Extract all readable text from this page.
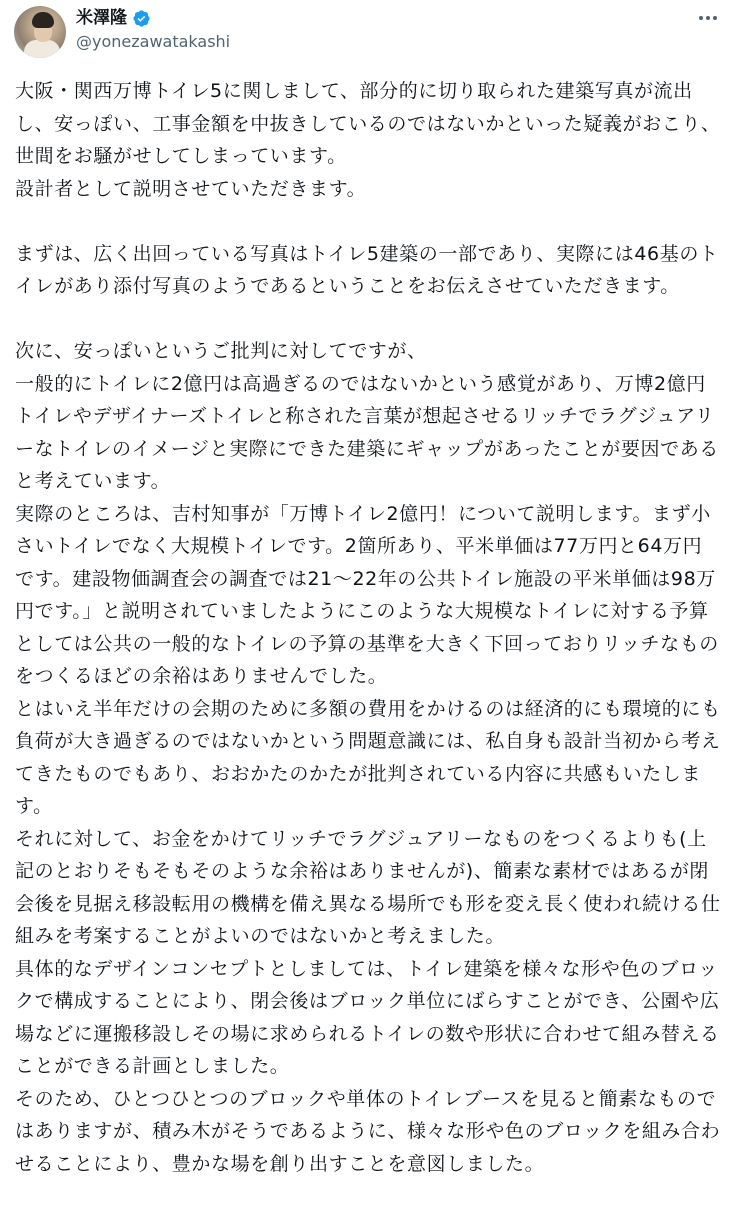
米澤隆
@yonezawatakashi
大阪・関西万博トイレ5に関しまして、部分的に切り取られた建築写真が流出し、安っぽい、工事金額を中抜きしているのではないかといった疑義がおこり、世間をお騒がせしてしまっています。
設計者として説明させていただきます。
まずは、広く出回っている写真はトイレ5建築の一部であり、実際には46基のトイレがあり添付写真のようであるということをお伝えさせていただきます。
次に、安っぽいというご批判に対してですが、
一般的にトイレに2億円は高過ぎるのではないかという感覚があり、万博2億円トイレやデザイナーズトイレと称された言葉が想起させるリッチでラグジュアリーなトイレのイメージと実際にできた建築にギャップがあったことが要因であると考えています。
実際のところは、吉村知事が「万博トイレ2億円！について説明します。まず小さいトイレでなく大規模トイレです。2箇所あり、平米単価は77万円と64万円です。建設物価調査会の調査では21～22年の公共トイレ施設の平米単価は98万円です。」と説明されていましたようにこのような大規模なトイレに対する予算としては公共の一般的なトイレの予算の基準を大きく下回っておりリッチなものをつくるほどの余裕はありませんでした。
とはいえ半年だけの会期のために多額の費用をかけるのは経済的にも環境的にも負荷が大き過ぎるのではないかという問題意識には、私自身も設計当初から考えてきたものでもあり、おおかたのかたが批判されている内容に共感もいたします。
それに対して、お金をかけてリッチでラグジュアリーなものをつくるよりも(上記のとおりそもそもそのような余裕はありませんが)、簡素な素材ではあるが閉会後を見据え移設転用の機構を備え異なる場所でも形を変え長く使われ続ける仕組みを考案することがよいのではないかと考えました。
具体的なデザインコンセプトとしましては、トイレ建築を様々な形や色のブロックで構成することにより、閉会後はブロック単位にばらすことができ、公園や広場などに運搬移設しその場に求められるトイレの数や形状に合わせて組み替えることができる計画としました。
そのため、ひとつひとつのブロックや単体のトイレブースを見ると簡素なものではありますが、積み木がそうであるように、様々な形や色のブロックを組み合わせることにより、豊かな場を創り出すことを意図しました。
